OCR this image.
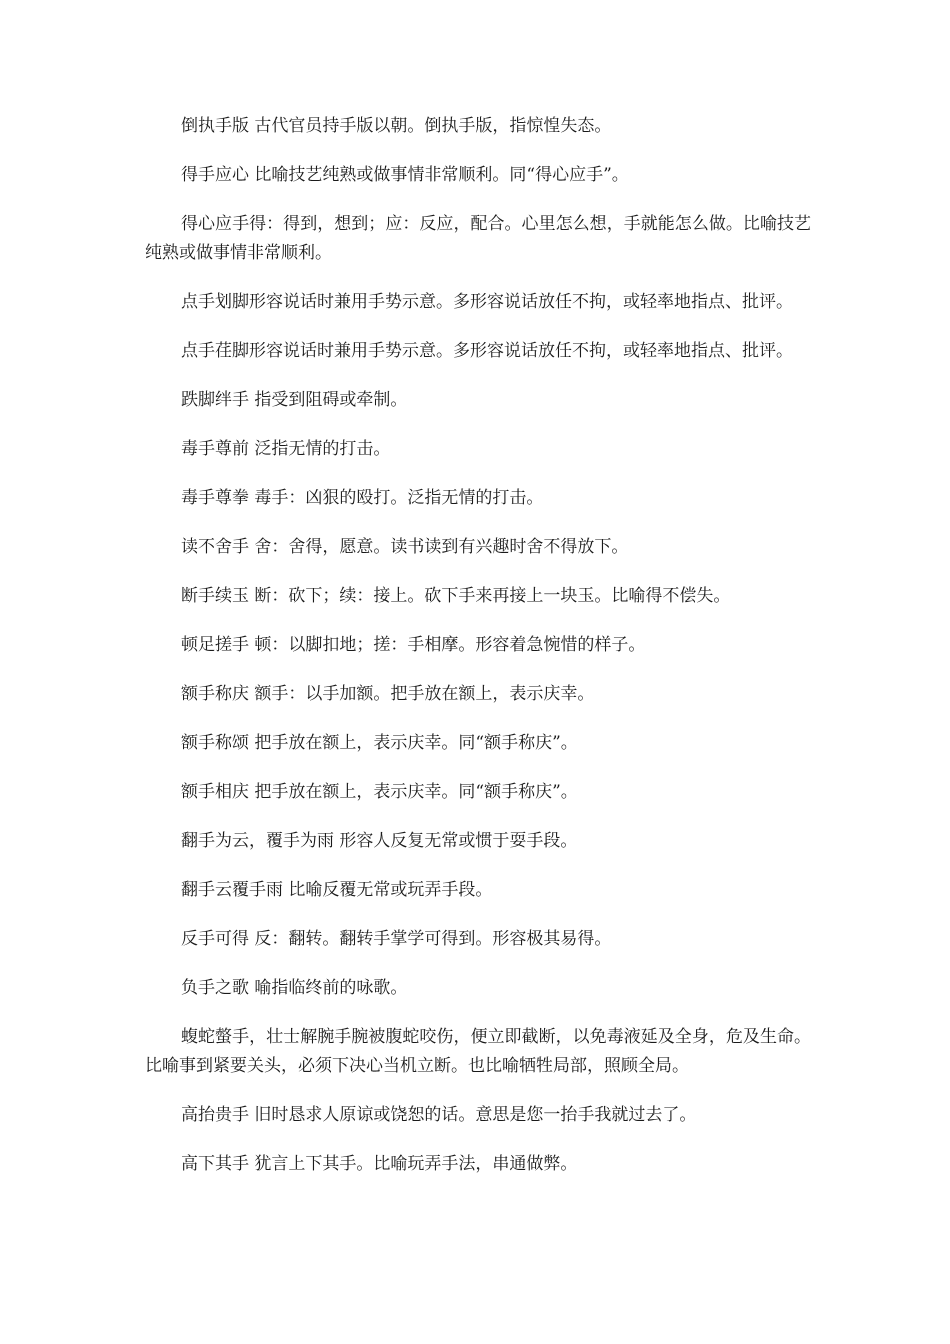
倒执手版 古代官员持手版以朝。倒执手版，指惊惶失态。

得手应心 比喻技艺纯熟或做事情非常顺利。同“得心应手”。

得心应手得：得到，想到；应：反应，配合。心里怎么想，手就能怎么做。比喻技艺纯熟或做事情非常顺利。

点手划脚形容说话时兼用手势示意。多形容说话放任不拘，或轻率地指点、批评。

点手荏脚形容说话时兼用手势示意。多形容说话放任不拘，或轻率地指点、批评。

跌脚绊手 指受到阻碍或牵制。

毒手尊前 泛指无情的打击。

毒手尊拳 毒手：凶狠的殴打。泛指无情的打击。

读不舍手 舍：舍得，愿意。读书读到有兴趣时舍不得放下。

断手续玉 断：砍下；续：接上。砍下手来再接上一块玉。比喻得不偿失。

顿足搓手 顿：以脚扣地；搓：手相摩。形容着急惋惜的样子。

额手称庆 额手：以手加额。把手放在额上，表示庆幸。

额手称颂 把手放在额上，表示庆幸。同“额手称庆”。

额手相庆 把手放在额上，表示庆幸。同“额手称庆”。

翻手为云，覆手为雨 形容人反复无常或惯于耍手段。

翻手云覆手雨 比喻反覆无常或玩弄手段。

反手可得 反：翻转。翻转手掌学可得到。形容极其易得。

负手之歌 喻指临终前的咏歌。

蝮蛇螫手，壮士解腕手腕被腹蛇咬伤，便立即截断，以免毒液延及全身，危及生命。比喻事到紧要关头，必须下决心当机立断。也比喻牺牲局部，照顾全局。

高抬贵手 旧时恳求人原谅或饶恕的话。意思是您一抬手我就过去了。

高下其手 犹言上下其手。比喻玩弄手法，串通做弊。
